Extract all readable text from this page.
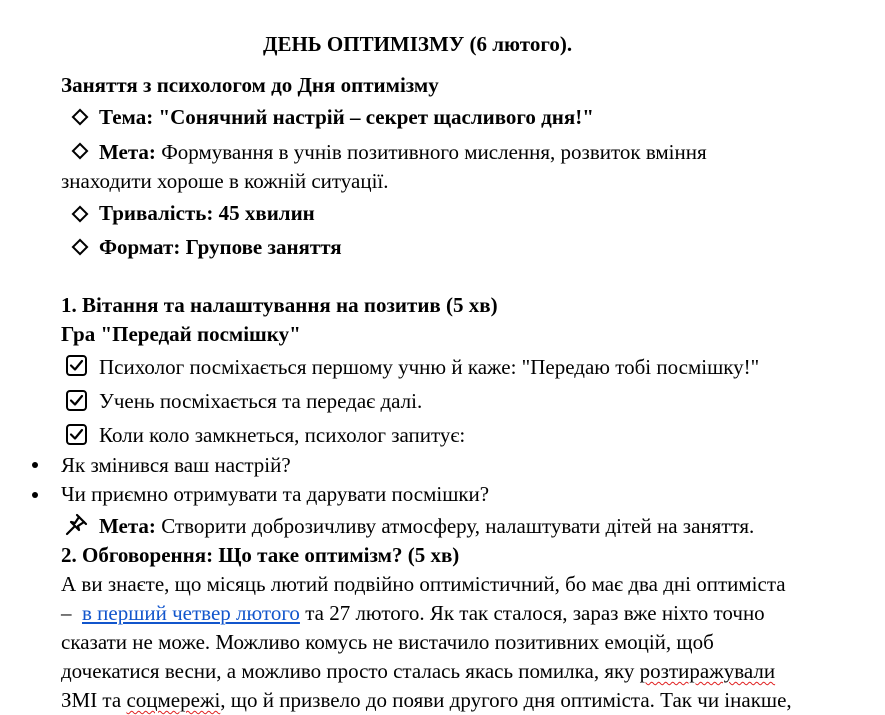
ДЕНЬ ОПТИМІЗМУ (6 лютого).
Заняття з психологом до Дня оптимізму
Тема: "Сонячний настрій – секрет щасливого дня!"
Мета: Формування в учнів позитивного мислення, розвиток вміння
знаходити хороше в кожній ситуації.
Тривалість: 45 хвилин
Формат: Групове заняття
1. Вітання та налаштування на позитив (5 хв)
Гра "Передай посмішку"
Психолог посміхається першому учню й каже: "Передаю тобі посмішку!"
Учень посміхається та передає далі.
Коли коло замкнеться, психолог запитує:
Як змінився ваш настрій?
Чи приємно отримувати та дарувати посмішки?
Мета: Створити доброзичливу атмосферу, налаштувати дітей на заняття.
2. Обговорення: Що таке оптимізм? (5 хв)
А ви знаєте, що місяць лютий подвійно оптимістичний, бо має два дні оптиміста
– в перший четвер лютого та 27 лютого. Як так сталося, зараз вже ніхто точно
сказати не може. Можливо комусь не вистачило позитивних емоцій, щоб
дочекатися весни, а можливо просто сталась якась помилка, яку розтиражували
ЗМІ та соцмережі, що й призвело до появи другого дня оптиміста. Так чи інакше,
